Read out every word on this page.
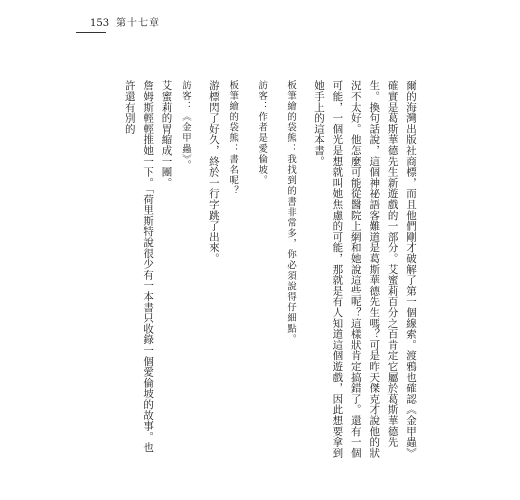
153 第十七章

爾的海灣出版社商標，而且他們剛才破解了第一個線索。渡鴉也確認《金甲蟲》確實是葛斯華德先生新遊戲的一部分。艾蜜莉百分之百肯定它屬於葛斯華德先生。換句話說，這個神祕語客難道是葛斯華德先生嗎？可是昨天傑克才說他的狀況不太好。他怎麼可能從醫院上網和她說這些呢？這樣狀肯定搞錯了。還有一個可能，一個光是想就叫她焦慮的可能，那就是有人知道這個遊戲，因此想要拿到她手上的這本書。

板筆繪的袋熊：我找到的書非常多，你必須說得仔細點。

訪客：作者是愛倫坡。

板筆繪的袋熊：書名呢？

游標閃了好久，終於一行字跳了出來。

訪客：《金甲蟲》。

艾蜜莉的胃縮成一團。

詹姆斯輕輕推她一下。「荷里斯特說很少有一本書只收錄一個愛倫坡的故事。也許還有別的
